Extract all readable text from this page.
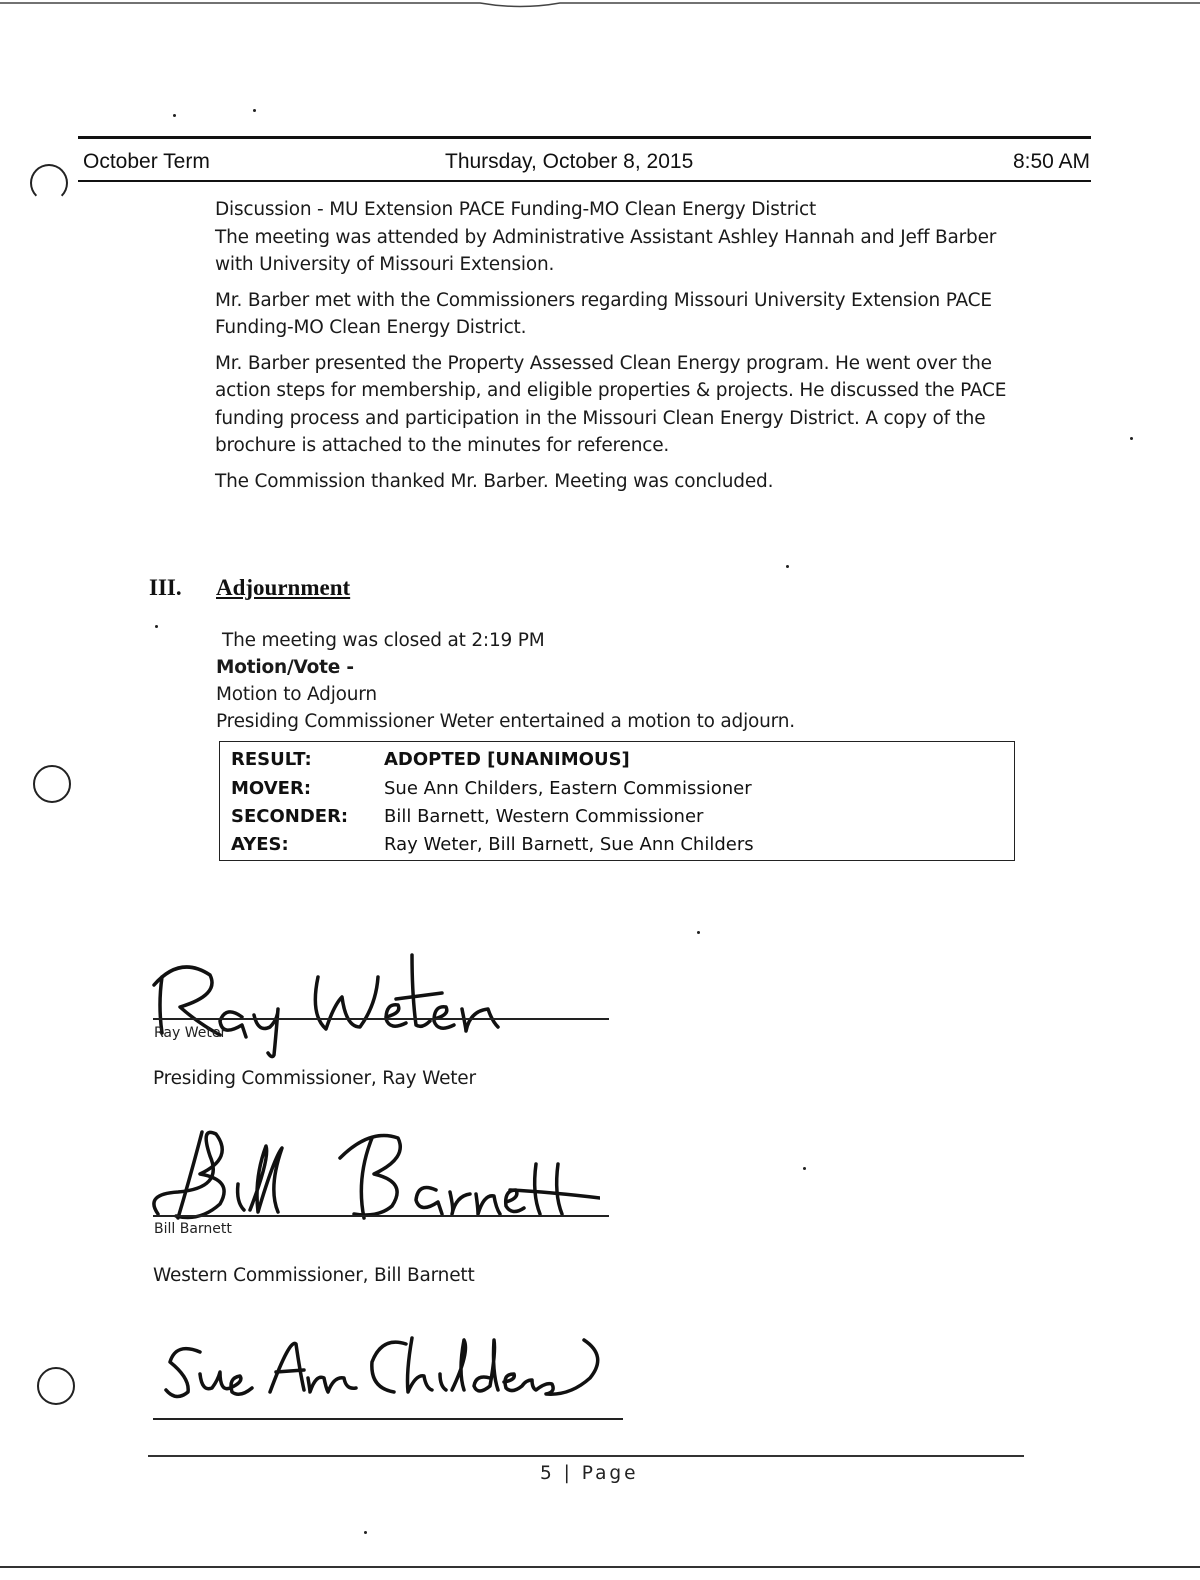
October Term	Thursday, October 8, 2015	8:50 AM
Discussion - MU Extension PACE Funding-MO Clean Energy District

The meeting was attended by Administrative Assistant Ashley Hannah and Jeff Barber
with University of Missouri Extension.

Mr. Barber met with the Commissioners regarding Missouri University Extension PACE
Funding-MO Clean Energy District.

Mr. Barber presented the Property Assessed Clean Energy program. He went over the
action steps for membership, and eligible properties & projects. He discussed the PACE
funding process and participation in the Missouri Clean Energy District. A copy of the
brochure is attached to the minutes for reference.

The Commission thanked Mr. Barber. Meeting was concluded.

III. Adjournment
The meeting was closed at 2:19 PM
Motion/Vote -
Motion to Adjourn
Presiding Commissioner Weter entertained a motion to adjourn.
RESULT:	ADOPTED [UNANIMOUS]
MOVER:	Sue Ann Childers, Eastern Commissioner
SECONDER: Bill Barnett, Western Commissioner
AYES:	Ray Weter, Bill Barnett, Sue Ann Childers
Ray Weter
Presiding Commissioner, Ray Weter
Bill Barnett
Western Commissioner, Bill Barnett
5 | Page
